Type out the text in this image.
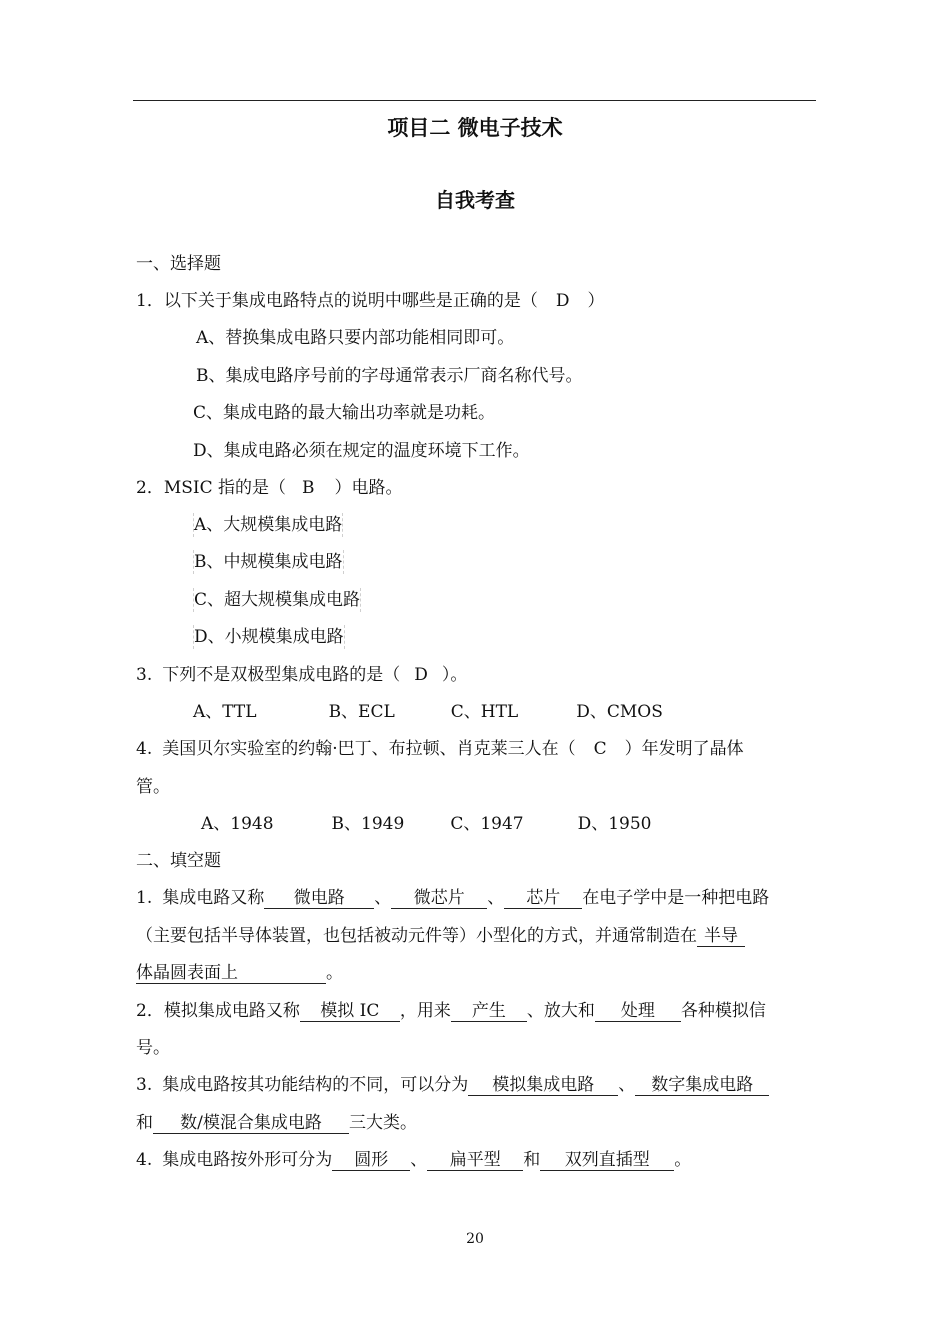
项目二 微电子技术
自我考查
一、选择题
1．以下关于集成电路特点的说明中哪些是正确的是（ D ）
A、替换集成电路只要内部功能相同即可。
B、集成电路序号前的字母通常表示厂商名称代号。
C、集成电路的最大输出功率就是功耗。
D、集成电路必须在规定的温度环境下工作。
2．MSIC 指的是（ B ）电路。
A、大规模集成电路
B、中规模集成电路
C、超大规模集成电路
D、小规模集成电路
3. 下列不是双极型集成电路的是（ D ）。
A、TTL	B、ECL	C、HTL	D、CMOS
4. 美国贝尔实验室的约翰·巴丁、布拉顿、肖克莱三人在（ C ）年发明了晶体
管。
A、1948	B、1949	C、1947	D、1950
二、填空题
1. 集成电路又称 微电路 、 微芯片 、 芯片 在电子学中是一种把电路
（主要包括半导体装置，也包括被动元件等）小型化的方式，并通常制造在 半导
体晶圆表面上	。
2．模拟集成电路又称 模拟 IC ，用来 产生 、放大和 处理 各种模拟信
号。
3. 集成电路按其功能结构的不同，可以分为 模拟集成电路 、 数字集成电路
和 数/模混合集成电路 三大类。
4. 集成电路按外形可分为 圆形 、 扁平型 和 双列直插型 。
20
